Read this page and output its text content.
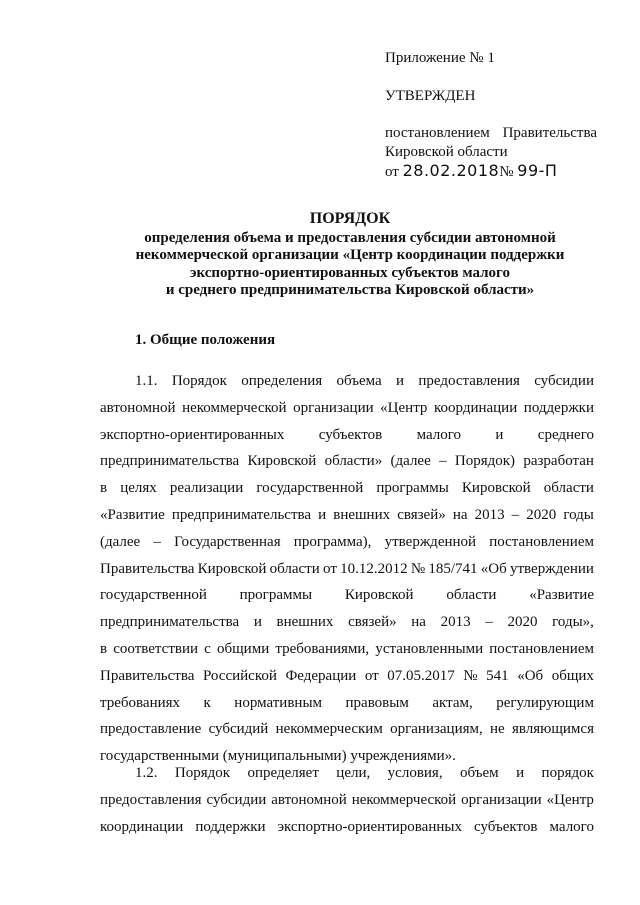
Приложение № 1
УТВЕРЖДЕН
постановлением Правительства
Кировской области
от 28.02.2018№ 99-П
ПОРЯДОК
определения объема и предоставления субсидии автономной
некоммерческой организации «Центр координации поддержки
экспортно-ориентированных субъектов малого
и среднего предпринимательства Кировской области»
1. Общие положения
1.1. Порядок определения объема и предоставления субсидии
автономной некоммерческой организации «Центр координации поддержки
экспортно-ориентированных субъектов малого и среднего
предпринимательства Кировской области» (далее – Порядок) разработан
в целях реализации государственной программы Кировской области
«Развитие предпринимательства и внешних связей» на 2013 – 2020 годы
(далее – Государственная программа), утвержденной постановлением
Правительства Кировской области от 10.12.2012 № 185/741 «Об утверждении
государственной программы Кировской области «Развитие
предпринимательства и внешних связей» на 2013 – 2020 годы»,
в соответствии с общими требованиями, установленными постановлением
Правительства Российской Федерации от 07.05.2017 № 541 «Об общих
требованиях к нормативным правовым актам, регулирующим
предоставление субсидий некоммерческим организациям, не являющимся
государственными (муниципальными) учреждениями».
1.2. Порядок определяет цели, условия, объем и порядок
предоставления субсидии автономной некоммерческой организации «Центр
координации поддержки экспортно-ориентированных субъектов малого
